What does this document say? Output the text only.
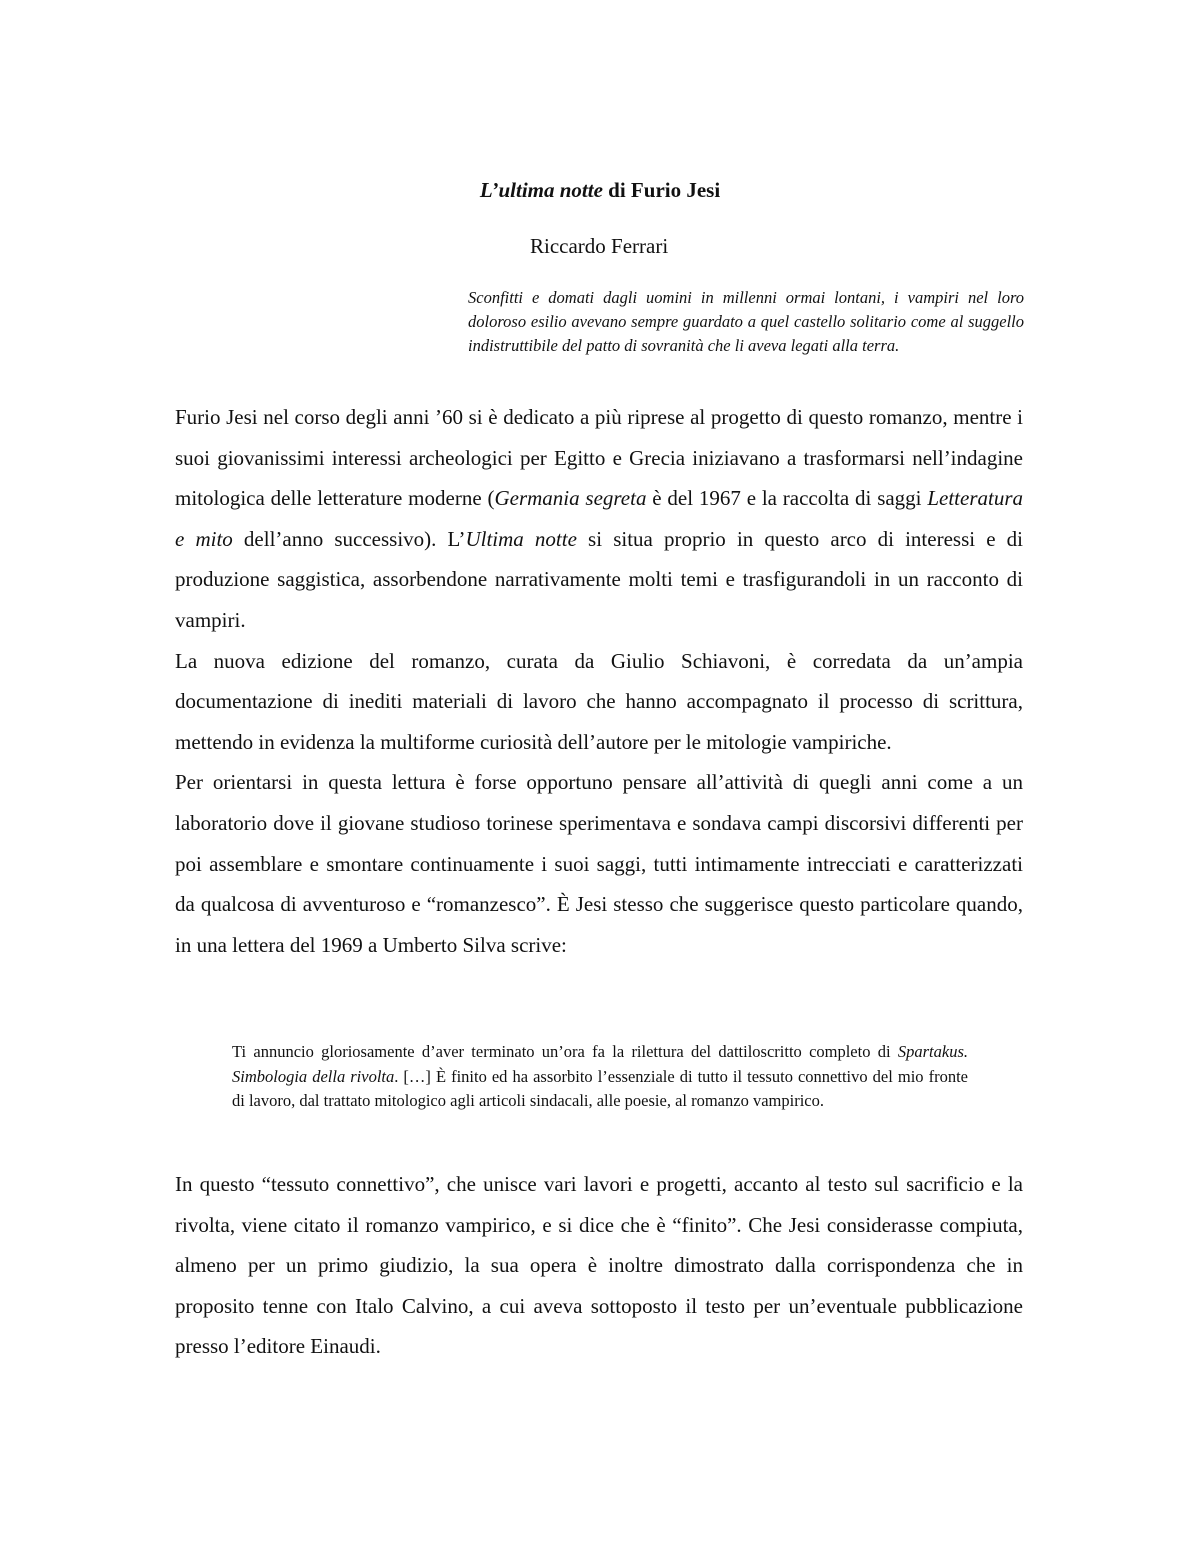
L’ultima notte di Furio Jesi
Riccardo Ferrari
Sconfitti e domati dagli uomini in millenni ormai lontani, i vampiri nel loro doloroso esilio avevano sempre guardato a quel castello solitario come al suggello indistruttibile del patto di sovranità che li aveva legati alla terra.

Furio Jesi nel corso degli anni ’60 si è dedicato a più riprese al progetto di questo romanzo, mentre i suoi giovanissimi interessi archeologici per Egitto e Grecia iniziavano a trasformarsi nell’indagine mitologica delle letterature moderne (Germania segreta è del 1967 e la raccolta di saggi Letteratura e mito dell’anno successivo). L’Ultima notte si situa proprio in questo arco di interessi e di produzione saggistica, assorbendone narrativamente molti temi e trasfigurandoli in un racconto di vampiri.

La nuova edizione del romanzo, curata da Giulio Schiavoni, è corredata da un’ampia documentazione di inediti materiali di lavoro che hanno accompagnato il processo di scrittura, mettendo in evidenza la multiforme curiosità dell’autore per le mitologie vampiriche.

Per orientarsi in questa lettura è forse opportuno pensare all’attività di quegli anni come a un laboratorio dove il giovane studioso torinese sperimentava e sondava campi discorsivi differenti per poi assemblare e smontare continuamente i suoi saggi, tutti intimamente intrecciati e caratterizzati da qualcosa di avventuroso e “romanzesco”. È Jesi stesso che suggerisce questo particolare quando, in una lettera del 1969 a Umberto Silva scrive:

Ti annuncio gloriosamente d’aver terminato un’ora fa la rilettura del dattiloscritto completo di Spartakus. Simbologia della rivolta. […] È finito ed ha assorbito l’essenziale di tutto il tessuto connettivo del mio fronte di lavoro, dal trattato mitologico agli articoli sindacali, alle poesie, al romanzo vampirico.

In questo “tessuto connettivo”, che unisce vari lavori e progetti, accanto al testo sul sacrificio e la rivolta, viene citato il romanzo vampirico, e si dice che è “finito”. Che Jesi considerasse compiuta, almeno per un primo giudizio, la sua opera è inoltre dimostrato dalla corrispondenza che in proposito tenne con Italo Calvino, a cui aveva sottoposto il testo per un’eventuale pubblicazione presso l’editore Einaudi.
